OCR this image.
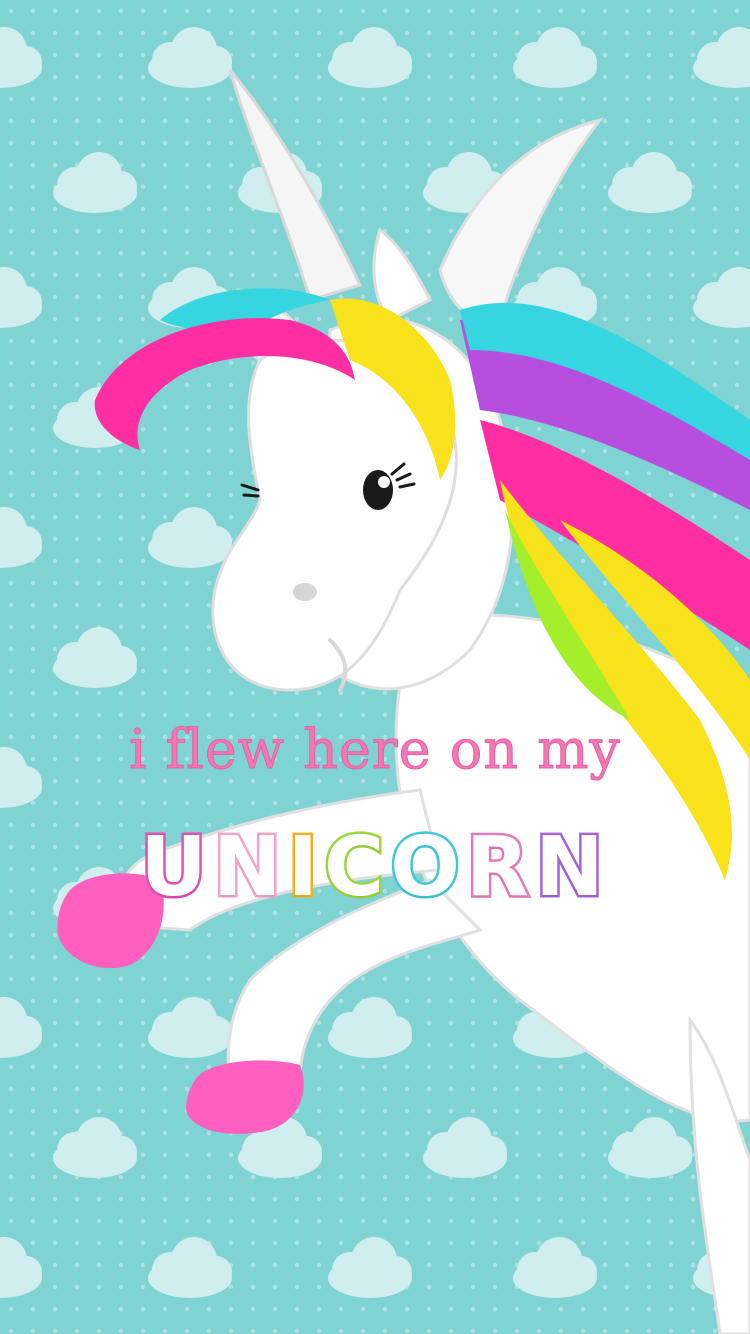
i flew here on my
UNICORN
